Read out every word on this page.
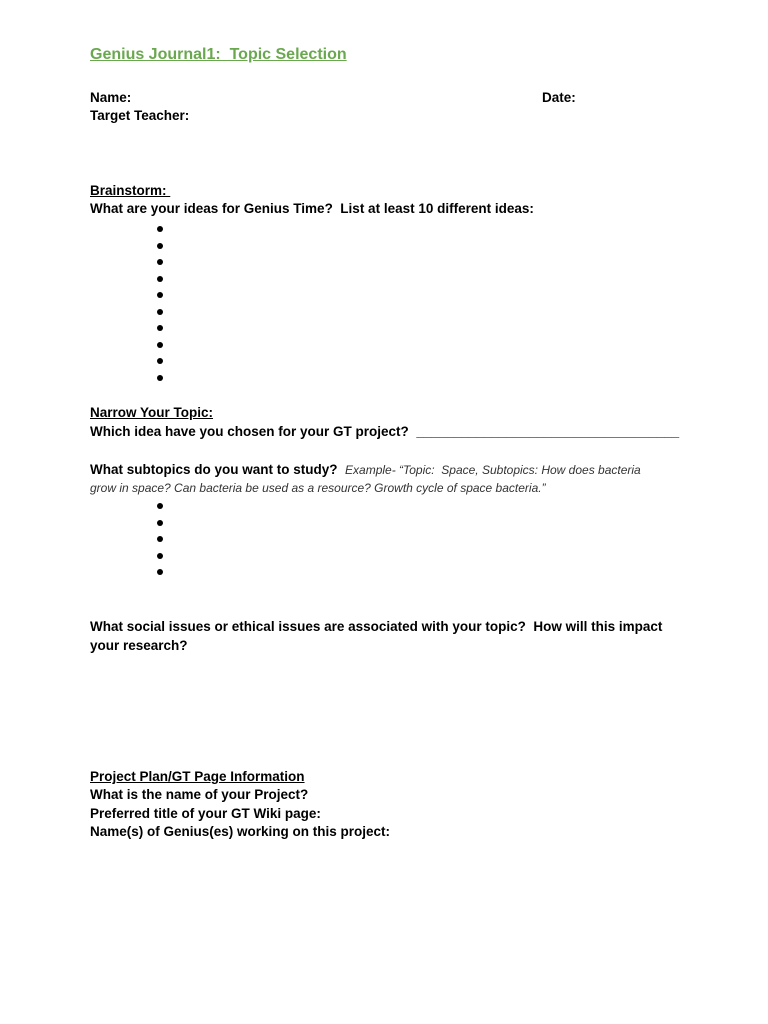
Genius Journal1:  Topic Selection
Name:	Date:
Target Teacher:
Brainstorm:
What are your ideas for Genius Time?  List at least 10 different ideas:
Narrow Your Topic:
Which idea have you chosen for your GT project? ___________________________________
What subtopics do you want to study? Example- “Topic:  Space, Subtopics: How does bacteria
grow in space? Can bacteria be used as a resource? Growth cycle of space bacteria.”
What social issues or ethical issues are associated with your topic?  How will this impact
your research?
Project Plan/GT Page Information
What is the name of your Project?
Preferred title of your GT Wiki page:
Name(s) of Genius(es) working on this project:
